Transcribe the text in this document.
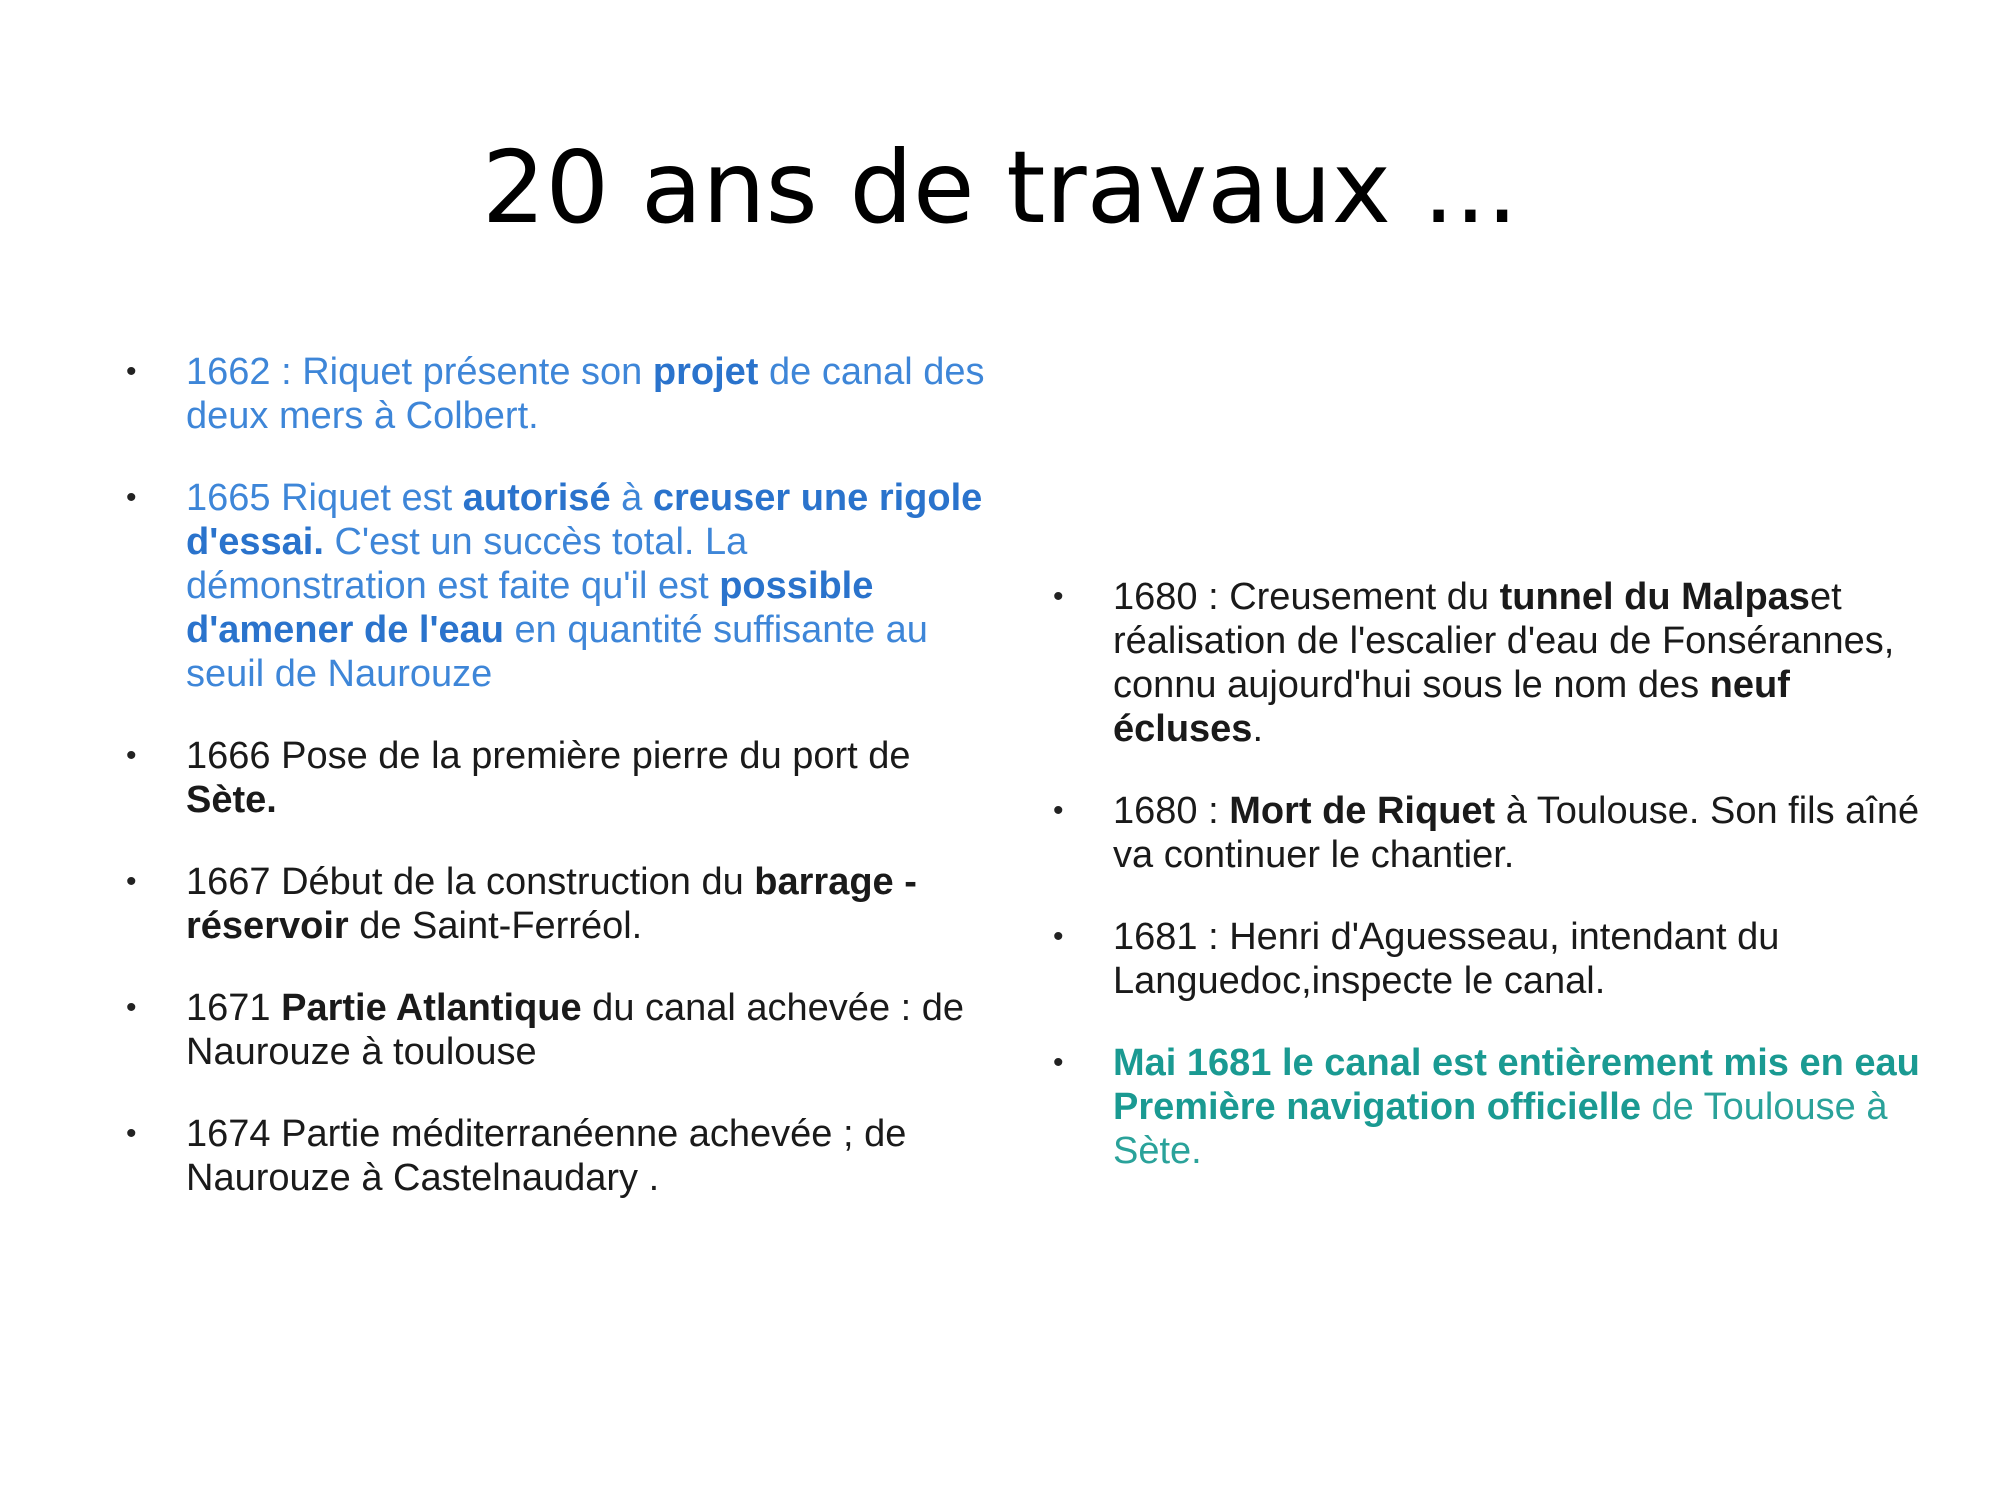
20 ans de travaux ...
• 1662 : Riquet présente son projet de canal des deux mers à Colbert.
• 1665 Riquet est autorisé à creuser une rigole d'essai. C'est un succès total. La démonstration est faite qu'il est possible d'amener de l'eau en quantité suffisante au seuil de Naurouze
• 1666 Pose de la première pierre du port de Sète.
• 1667 Début de la construction du barrage -réservoir de Saint-Ferréol.
• 1671 Partie Atlantique du canal achevée : de Naurouze à toulouse
• 1674 Partie méditerranéenne achevée ; de Naurouze à Castelnaudary .
• 1680 : Creusement du tunnel du Malpaset réalisation de l'escalier d'eau de Fonsérannes, connu aujourd'hui sous le nom des neuf écluses.
• 1680 : Mort de Riquet à Toulouse. Son fils aîné va continuer le chantier.
• 1681 : Henri d'Aguesseau, intendant du Languedoc,inspecte le canal.
• Mai 1681 le canal est entièrement mis en eau Première navigation officielle de Toulouse à Sète.
